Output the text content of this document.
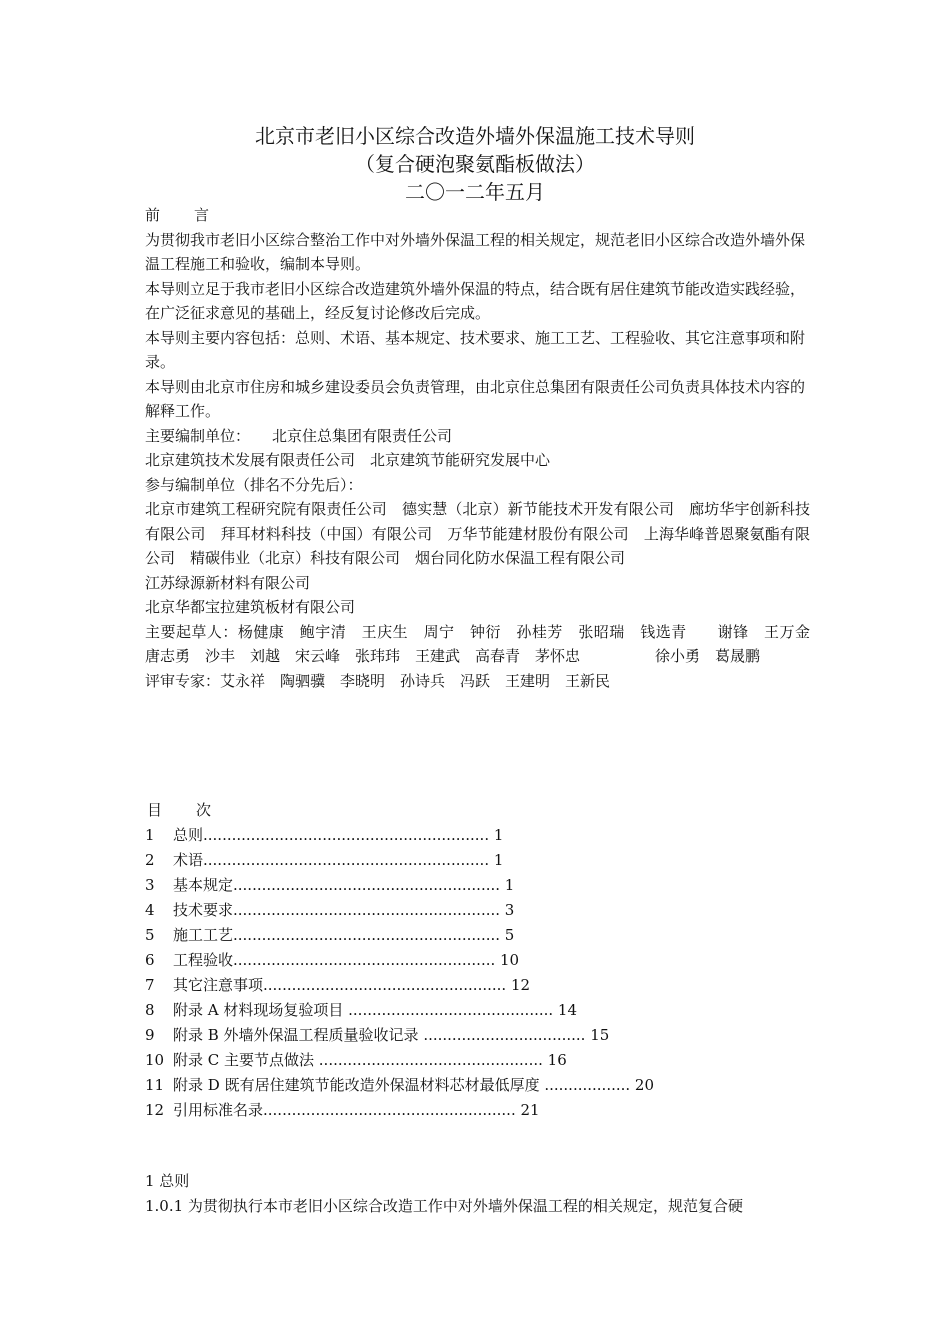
北京市老旧小区综合改造外墙外保温施工技术导则
（复合硬泡聚氨酯板做法）
二〇一二年五月

前 言

为贯彻我市老旧小区综合整治工作中对外墙外保温工程的相关规定，规范老旧小区综合改造外墙外保温工程施工和验收，编制本导则。

本导则立足于我市老旧小区综合改造建筑外墙外保温的特点，结合既有居住建筑节能改造实践经验，在广泛征求意见的基础上，经反复讨论修改后完成。

本导则主要内容包括：总则、术语、基本规定、技术要求、施工工艺、工程验收、其它注意事项和附录。

本导则由北京市住房和城乡建设委员会负责管理，由北京住总集团有限责任公司负责具体技术内容的解释工作。

主要编制单位： 北京住总集团有限责任公司

北京建筑技术发展有限责任公司　北京建筑节能研究发展中心

参与编制单位（排名不分先后）：

北京市建筑工程研究院有限责任公司　德实慧（北京）新节能技术开发有限公司　廊坊华宇创新科技有限公司　拜耳材料科技（中国）有限公司　万华节能建材股份有限公司　上海华峰普恩聚氨酯有限公司　精碳伟业（北京）科技有限公司　烟台同化防水保温工程有限公司

江苏绿源新材料有限公司

北京华都宝拉建筑板材有限公司

主要起草人：杨健康　鲍宇清　王庆生　周宁　钟衍　孙桂芳　张昭瑞　钱选青　　谢锋　王万金　唐志勇　沙丰　刘越　宋云峰　张玮玮　王建武　高春青　茅怀忠　　　　　徐小勇　葛晟鹏

评审专家：艾永祥　陶驷骥　李晓明　孙诗兵　冯跃　王建明　王新民

目 次

1 总则............................................................ 1
2 术语............................................................ 1
3 基本规定........................................................ 1
4 技术要求........................................................ 3
5 施工工艺........................................................ 5
6 工程验收....................................................... 10
7 其它注意事项................................................... 12
8 附录 A 材料现场复验项目 ........................................... 14
9 附录 B 外墙外保温工程质量验收记录 .................................. 15
10 附录 C 主要节点做法 ............................................... 16
11 附录 D 既有居住建筑节能改造外保温材料芯材最低厚度 .................. 20
12 引用标准名录..................................................... 21

1 总则

1.0.1 为贯彻执行本市老旧小区综合改造工作中对外墙外保温工程的相关规定，规范复合硬
